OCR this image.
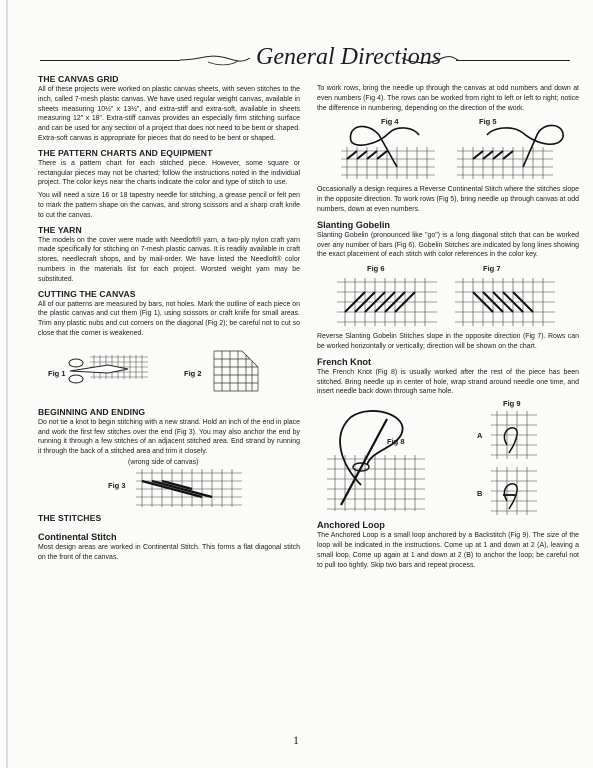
General Directions
THE CANVAS GRID

All of these projects were worked on plastic canvas sheets, with seven stitches to the inch, called 7-mesh plastic canvas. We have used regular weight canvas, available in sheets measuring 10½" x 13½", and extra-stiff and extra-soft, available in sheets measuring 12" x 18". Extra-stiff canvas provides an especially firm stitching surface and can be used for any section of a project that does not need to be bent or shaped. Extra-soft canvas is appropriate for pieces that do need to be bent or shaped.

THE PATTERN CHARTS AND EQUIPMENT

There is a pattern chart for each stitched piece. However, some square or rectangular pieces may not be charted; follow the instructions noted in the individual project. The color keys near the charts indicate the color and type of stitch to use.

You will need a size 16 or 18 tapestry needle for stitching, a grease pencil or felt pen to mark the pattern shape on the canvas, and strong scissors and a sharp craft knife to cut the canvas.

THE YARN

The models on the cover were made with Needloft® yarn, a two-ply nylon craft yarn made specifically for stitching on 7-mesh plastic canvas. It is readily available in craft stores, needlecraft shops, and by mail-order. We have listed the Needloft® color numbers in the materials list for each project. Worsted weight yarn may be substituted.

CUTTING THE CANVAS

All of our patterns are measured by bars, not holes. Mark the outline of each piece on the plastic canvas and cut them (Fig 1), using scissors or craft knife for small areas. Trim any plastic nubs and cut corners on the diagonal (Fig 2); be careful not to cut so close that the corner is weakened.

Fig 1	Fig 2
BEGINNING AND ENDING

Do not tie a knot to begin stitching with a new strand. Hold an inch of the end in place and work the first few stitches over the end (Fig 3). You may also anchor the end by running it through a few stitches of an adjacent stitched area. End strand by running it through the back of a stitched area and trim it closely.

(wrong side of canvas)
Fig 3
THE STITCHES
Continental Stitch

Most design areas are worked in Continental Stitch. This forms a flat diagonal stitch on the front of the canvas.

To work rows, bring the needle up through the canvas at odd numbers and down at even numbers (Fig 4). The rows can be worked from right to left or left to right; notice the difference in numbering, depending on the direction of the work.

Fig 4	Fig 5

Occasionally a design requires a Reverse Continental Stitch where the stitches slope in the opposite direction. To work rows (Fig 5), bring needle up through canvas at odd numbers, down at even numbers.

Slanting Gobelin

Slanting Gobelin (pronounced like "go") is a long diagonal stitch that can be worked over any number of bars (Fig 6). Gobelin Stitches are indicated by long lines showing the exact placement of each stitch with color references in the color key.

Fig 6	Fig 7

Reverse Slanting Gobelin Stitches slope in the opposite direction (Fig 7). Rows can be worked horizontally or vertically; direction will be shown on the chart.

French Knot

The French Knot (Fig 8) is usually worked after the rest of the piece has been stitched. Bring needle up in center of hole, wrap strand around needle one time, and insert needle back down through same hole.

Fig 8
Fig 9
A
B
Anchored Loop

The Anchored Loop is a small loop anchored by a Backstitch (Fig 9). The size of the loop will be indicated in the instructions. Come up at 1 and down at 2 (A), leaving a small loop. Come up again at 1 and down at 2 (B) to anchor the loop; be careful not to pull too tightly. Skip two bars and repeat process.

1
